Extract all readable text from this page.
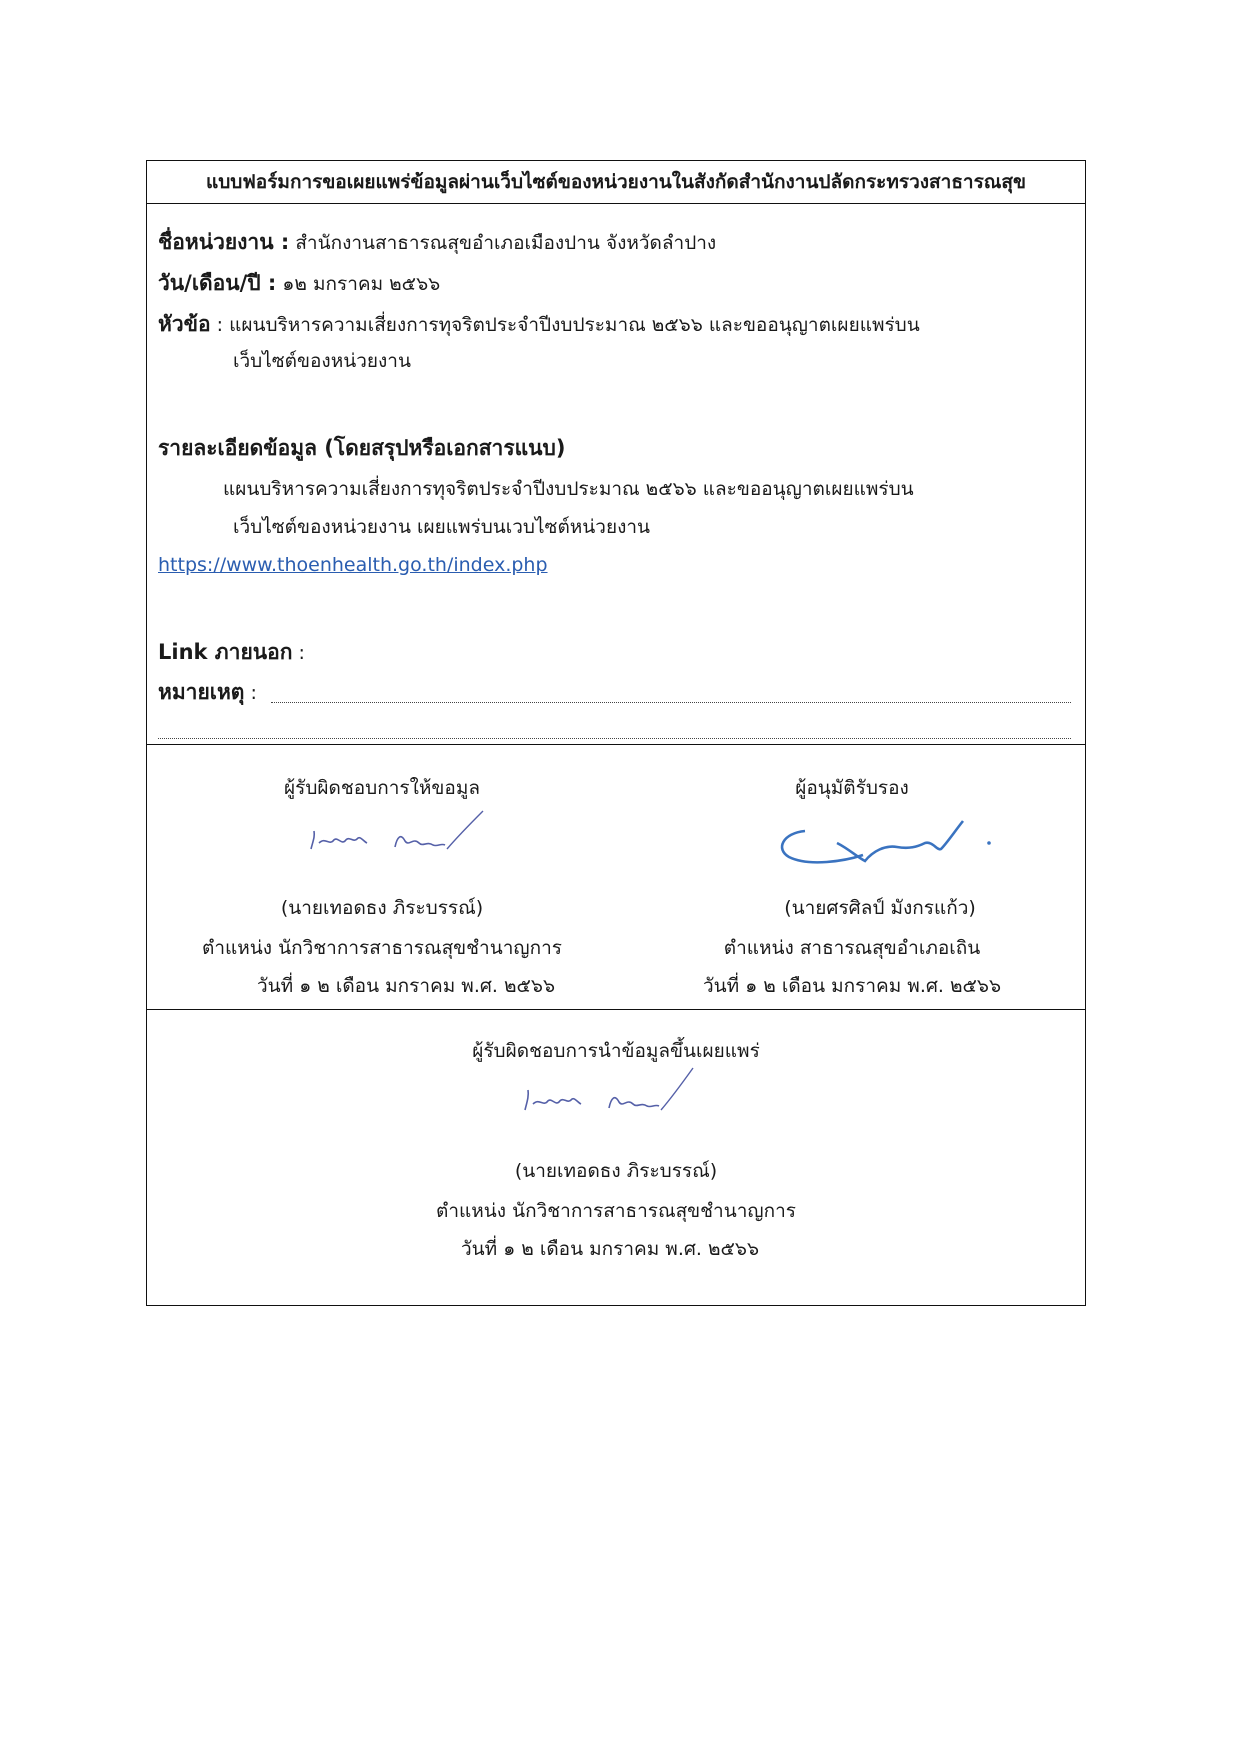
แบบฟอร์มการขอเผยแพร่ข้อมูลผ่านเว็บไซต์ของหน่วยงานในสังกัดสำนักงานปลัดกระทรวงสาธารณสุข
ชื่อหน่วยงาน : สำนักงานสาธารณสุขอำเภอเมืองปาน จังหวัดลำปาง
วัน/เดือน/ปี : ๑๒ มกราคม ๒๕๖๖
หัวข้อ : แผนบริหารความเสี่ยงการทุจริตประจำปีงบประมาณ ๒๕๖๖ และขออนุญาตเผยแพร่บน
เว็บไซต์ของหน่วยงาน
รายละเอียดข้อมูล (โดยสรุปหรือเอกสารแนบ)
แผนบริหารความเสี่ยงการทุจริตประจำปีงบประมาณ ๒๕๖๖ และขออนุญาตเผยแพร่บน
เว็บไซต์ของหน่วยงาน เผยแพร่บนเวบไซต์หน่วยงาน
https://www.thoenhealth.go.th/index.php
Link ภายนอก :
หมายเหตุ :
ผู้รับผิดชอบการให้ขอมูล
(นายเทอดธง ภิระบรรณ์)
ตำแหน่ง นักวิชาการสาธารณสุขชำนาญการ
วันที่ ๑ ๒ เดือน มกราคม พ.ศ. ๒๕๖๖
ผู้อนุมัติรับรอง
(นายศรศิลป์ มังกรแก้ว)
ตำแหน่ง สาธารณสุขอำเภอเถิน
วันที่ ๑ ๒ เดือน มกราคม พ.ศ. ๒๕๖๖
ผู้รับผิดชอบการนำข้อมูลขึ้นเผยแพร่
(นายเทอดธง ภิระบรรณ์)
ตำแหน่ง นักวิชาการสาธารณสุขชำนาญการ
วันที่ ๑ ๒ เดือน มกราคม พ.ศ. ๒๕๖๖
